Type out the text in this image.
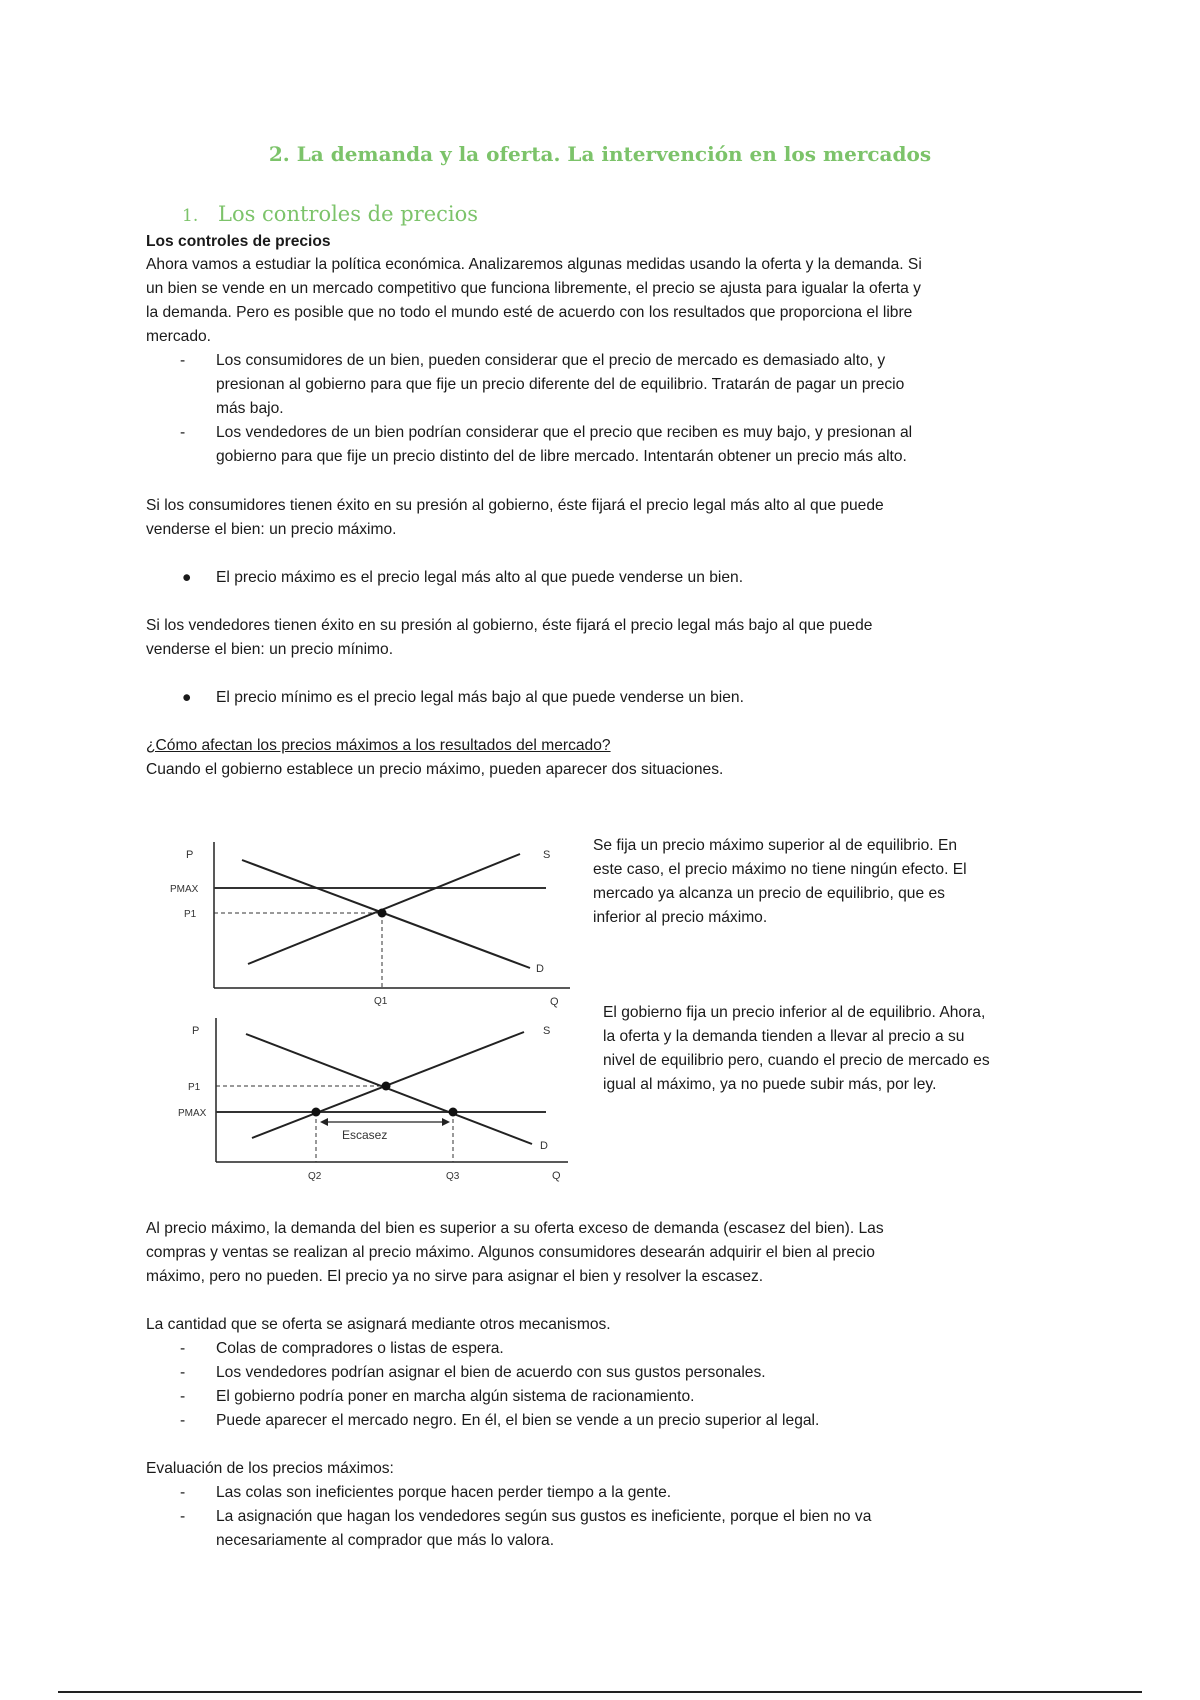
2. La demanda y la oferta. La intervención en los mercados
1. Los controles de precios
Los controles de precios
Ahora vamos a estudiar la política económica. Analizaremos algunas medidas usando la oferta y la demanda. Si
un bien se vende en un mercado competitivo que funciona libremente, el precio se ajusta para igualar la oferta y
la demanda. Pero es posible que no todo el mundo esté de acuerdo con los resultados que proporciona el libre
mercado.
- Los consumidores de un bien, pueden considerar que el precio de mercado es demasiado alto, y
presionan al gobierno para que fije un precio diferente del de equilibrio. Tratarán de pagar un precio
más bajo.
- Los vendedores de un bien podrían considerar que el precio que reciben es muy bajo, y presionan al
gobierno para que fije un precio distinto del de libre mercado. Intentarán obtener un precio más alto.
Si los consumidores tienen éxito en su presión al gobierno, éste fijará el precio legal más alto al que puede
venderse el bien: un precio máximo.
● El precio máximo es el precio legal más alto al que puede venderse un bien.
Si los vendedores tienen éxito en su presión al gobierno, éste fijará el precio legal más bajo al que puede
venderse el bien: un precio mínimo.
● El precio mínimo es el precio legal más bajo al que puede venderse un bien.
¿Cómo afectan los precios máximos a los resultados del mercado?
Cuando el gobierno establece un precio máximo, pueden aparecer dos situaciones.
P
PMAX
P1
S
D
Q1	Q
Se fija un precio máximo superior al de equilibrio. En
este caso, el precio máximo no tiene ningún efecto. El
mercado ya alcanza un precio de equilibrio, que es
inferior al precio máximo.
P
P1
PMAX
S
D
Escasez
Q2	Q3	Q
El gobierno fija un precio inferior al de equilibrio. Ahora,
la oferta y la demanda tienden a llevar al precio a su
nivel de equilibrio pero, cuando el precio de mercado es
igual al máximo, ya no puede subir más, por ley.
Al precio máximo, la demanda del bien es superior a su oferta exceso de demanda (escasez del bien). Las
compras y ventas se realizan al precio máximo. Algunos consumidores desearán adquirir el bien al precio
máximo, pero no pueden. El precio ya no sirve para asignar el bien y resolver la escasez.
La cantidad que se oferta se asignará mediante otros mecanismos.
- Colas de compradores o listas de espera.
- Los vendedores podrían asignar el bien de acuerdo con sus gustos personales.
- El gobierno podría poner en marcha algún sistema de racionamiento.
- Puede aparecer el mercado negro. En él, el bien se vende a un precio superior al legal.
Evaluación de los precios máximos:
- Las colas son ineficientes porque hacen perder tiempo a la gente.
- La asignación que hagan los vendedores según sus gustos es ineficiente, porque el bien no va
necesariamente al comprador que más lo valora.
